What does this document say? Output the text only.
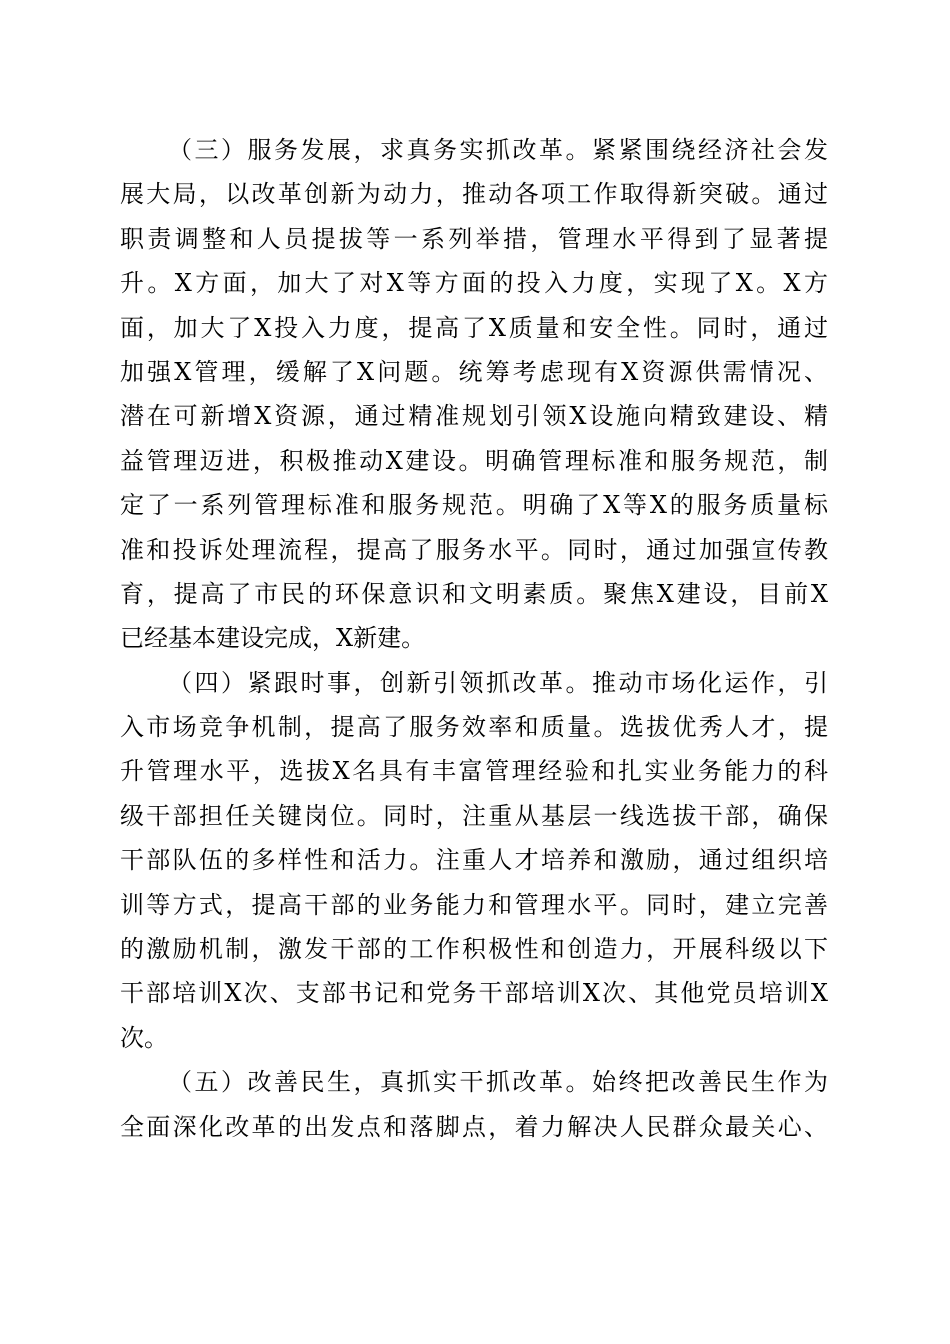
（三）服务发展，求真务实抓改革。紧紧围绕经济社会发
展大局，以改革创新为动力，推动各项工作取得新突破。通过
职责调整和人员提拔等一系列举措，管理水平得到了显著提
升。X方面，加大了对X等方面的投入力度，实现了X。X方
面，加大了X投入力度，提高了X质量和安全性。同时，通过
加强X管理，缓解了X问题。统筹考虑现有X资源供需情况、
潜在可新增X资源，通过精准规划引领X设施向精致建设、精
益管理迈进，积极推动X建设。明确管理标准和服务规范，制
定了一系列管理标准和服务规范。明确了X等X的服务质量标
准和投诉处理流程，提高了服务水平。同时，通过加强宣传教
育，提高了市民的环保意识和文明素质。聚焦X建设，目前X
已经基本建设完成，X新建。
（四）紧跟时事，创新引领抓改革。推动市场化运作，引
入市场竞争机制，提高了服务效率和质量。选拔优秀人才，提
升管理水平，选拔X名具有丰富管理经验和扎实业务能力的科
级干部担任关键岗位。同时，注重从基层一线选拔干部，确保
干部队伍的多样性和活力。注重人才培养和激励，通过组织培
训等方式，提高干部的业务能力和管理水平。同时，建立完善
的激励机制，激发干部的工作积极性和创造力，开展科级以下
干部培训X次、支部书记和党务干部培训X次、其他党员培训X
次。
（五）改善民生，真抓实干抓改革。始终把改善民生作为
全面深化改革的出发点和落脚点，着力解决人民群众最关心、
